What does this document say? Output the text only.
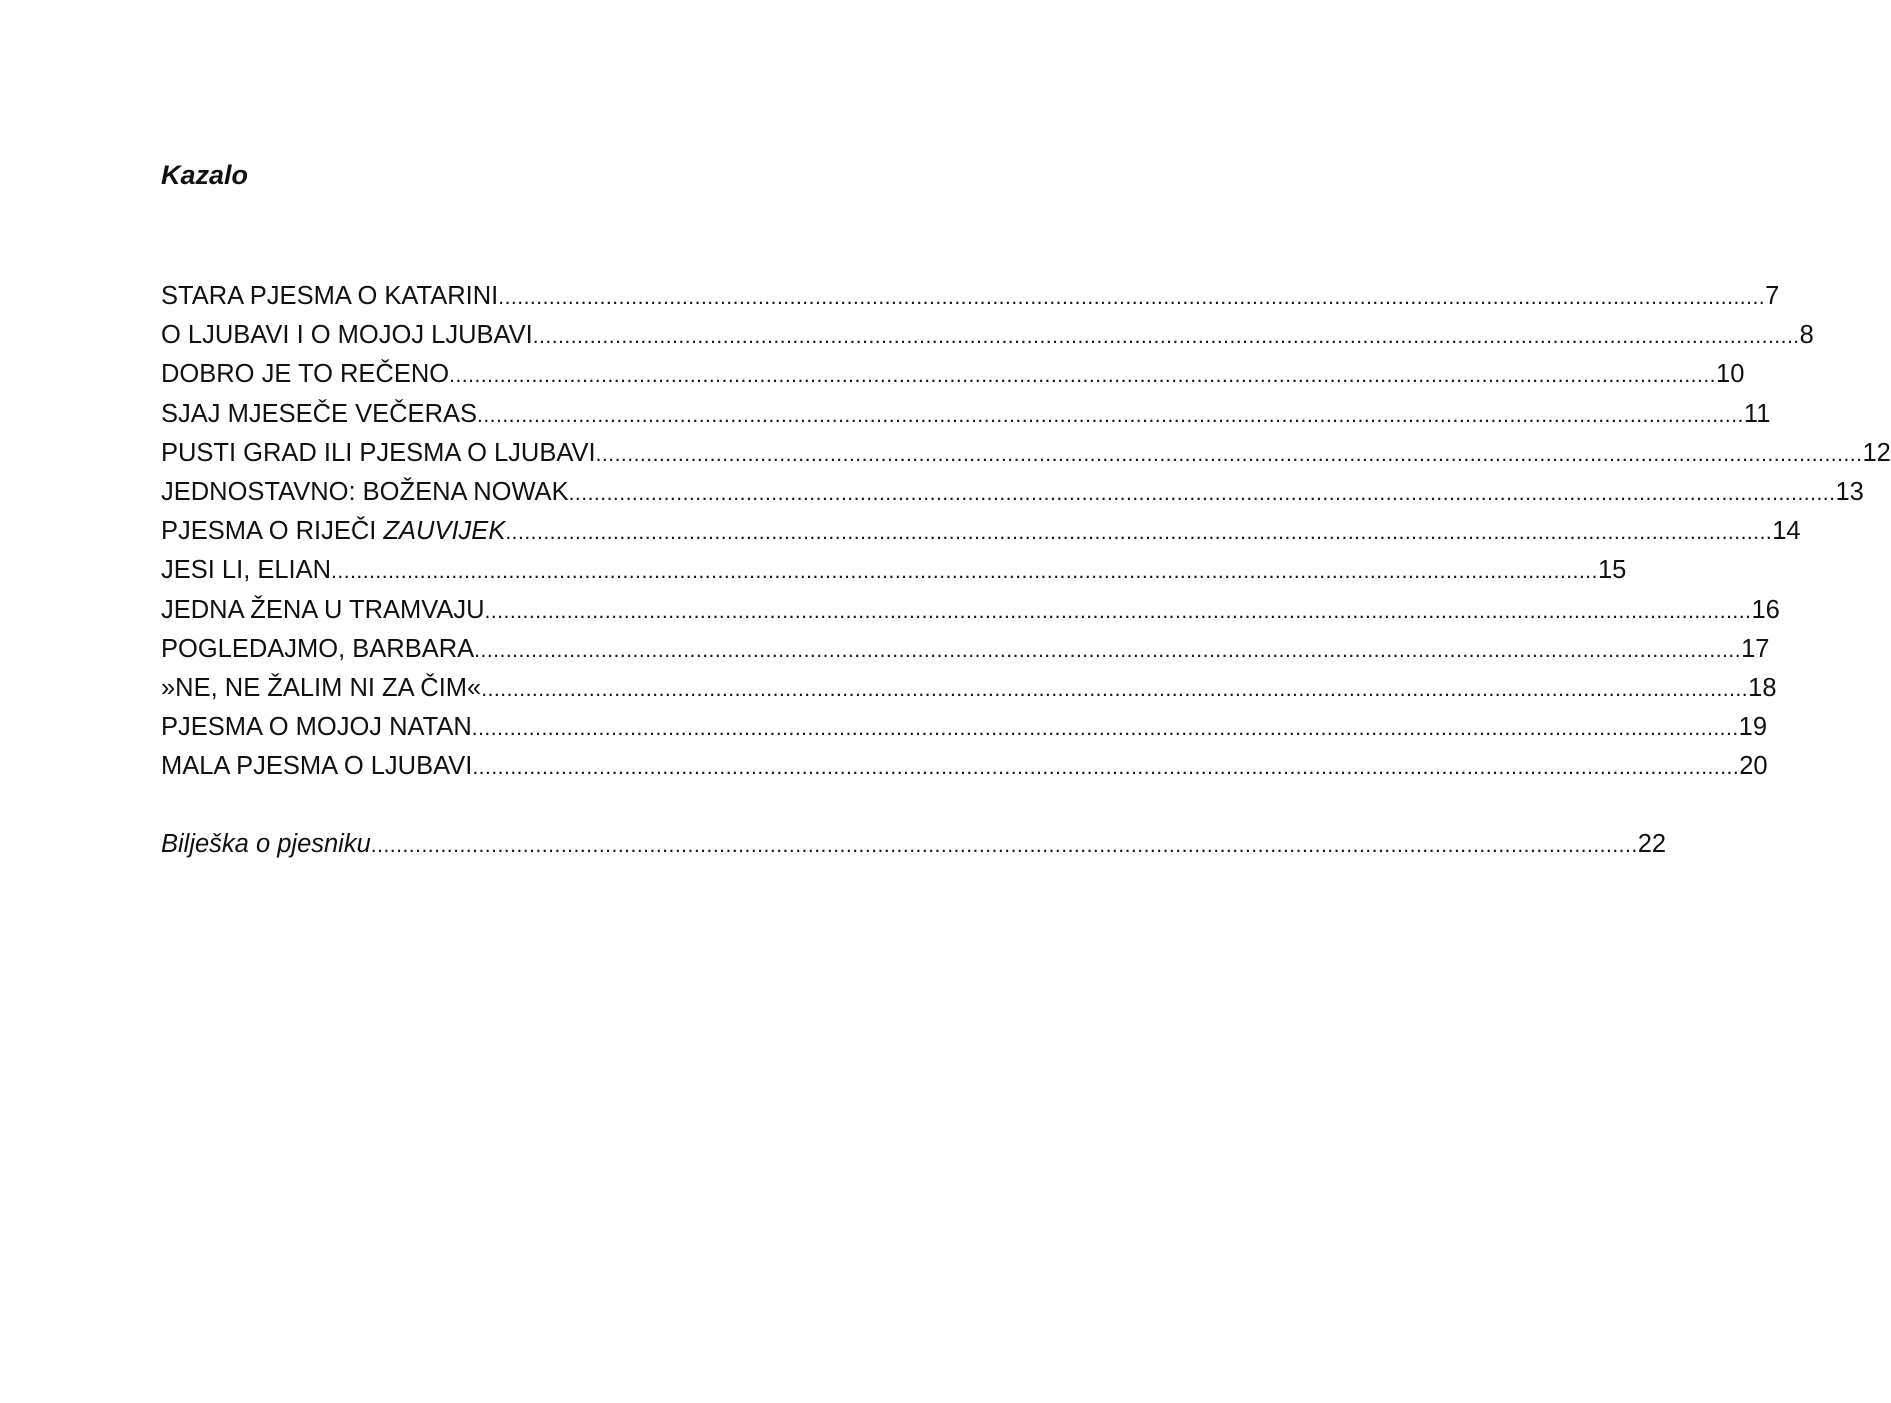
Kazalo
STARA PJESMA O KATARINI ........................................................................................................................................................................................................ 7
O LJUBAVI I O MOJOJ LJUBAVI ........................................................................................................................................................................................................ 8
DOBRO JE TO REČENO ........................................................................................................................................................................................................ 10
SJAJ MJESEČE VEČERAS ........................................................................................................................................................................................................ 11
PUSTI GRAD ILI PJESMA O LJUBAVI ........................................................................................................................................................................................................ 12
JEDNOSTAVNO: BOŽENA NOWAK ........................................................................................................................................................................................................ 13
PJESMA O RIJEČI ZAUVIJEK ........................................................................................................................................................................................................ 14
JESI LI, ELIAN ........................................................................................................................................................................................................ 15
JEDNA ŽENA U TRAMVAJU ........................................................................................................................................................................................................ 16
POGLEDAJMO, BARBARA ........................................................................................................................................................................................................ 17
»NE, NE ŽALIM NI ZA ČIM« ........................................................................................................................................................................................................ 18
PJESMA O MOJOJ NATAN ........................................................................................................................................................................................................ 19
MALA PJESMA O LJUBAVI ........................................................................................................................................................................................................ 20
Bilješka o pjesniku ........................................................................................................................................................................................................ 22
